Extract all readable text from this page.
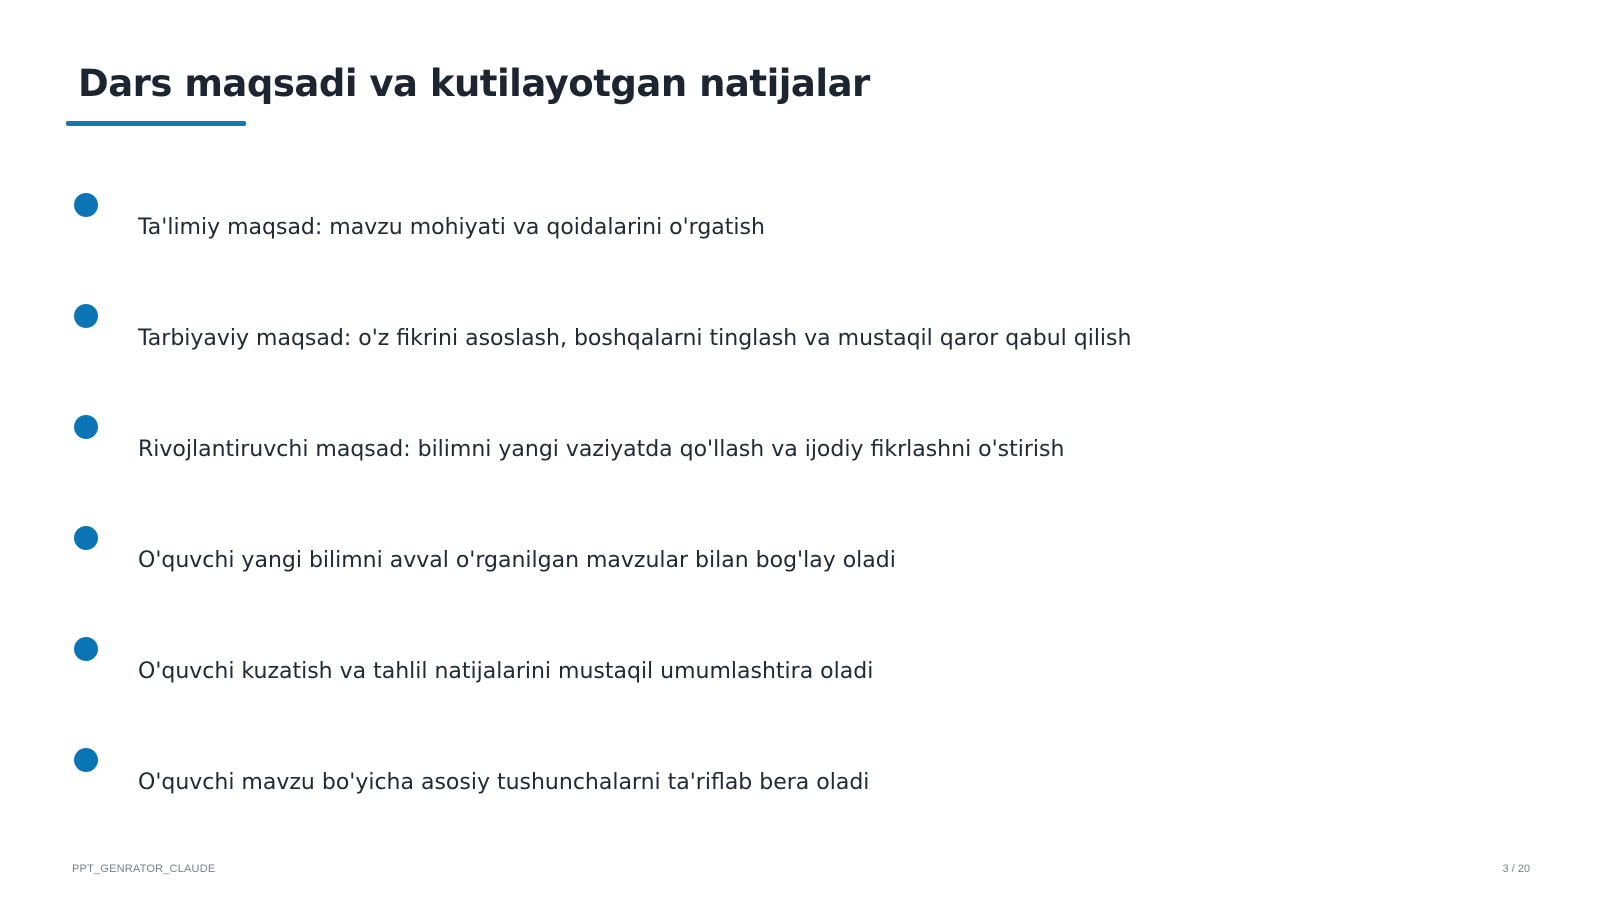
Dars maqsadi va kutilayotgan natijalar
Ta'limiy maqsad: mavzu mohiyati va qoidalarini o'rgatish
Tarbiyaviy maqsad: o'z fikrini asoslash, boshqalarni tinglash va mustaqil qaror qabul qilish
Rivojlantiruvchi maqsad: bilimni yangi vaziyatda qo'llash va ijodiy fikrlashni o'stirish
O'quvchi yangi bilimni avval o'rganilgan mavzular bilan bog'lay oladi
O'quvchi kuzatish va tahlil natijalarini mustaqil umumlashtira oladi
O'quvchi mavzu bo'yicha asosiy tushunchalarni ta'riflab bera oladi
PPT_GENRATOR_CLAUDE	3 / 20
